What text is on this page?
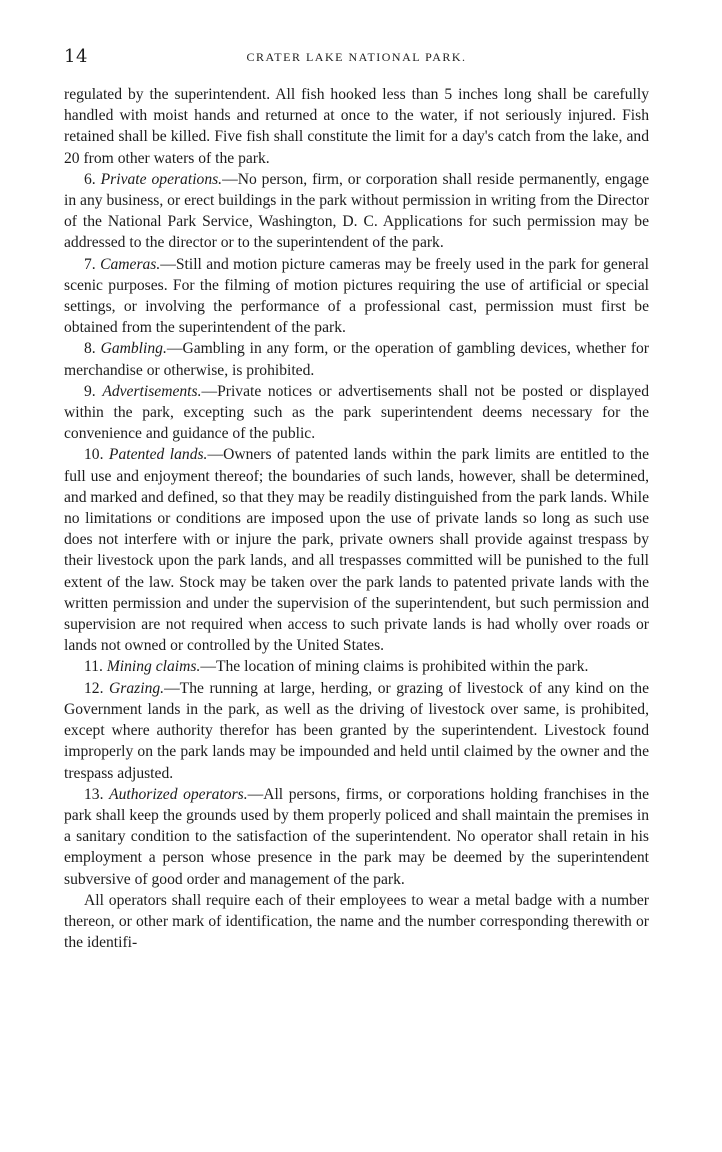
14	CRATER LAKE NATIONAL PARK.

regulated by the superintendent. All fish hooked less than 5 inches long shall be carefully handled with moist hands and returned at once to the water, if not seriously injured. Fish retained shall be killed. Five fish shall constitute the limit for a day's catch from the lake, and 20 from other waters of the park.

6. Private operations.—No person, firm, or corporation shall reside permanently, engage in any business, or erect buildings in the park without permission in writing from the Director of the National Park Service, Washington, D. C. Applications for such permission may be addressed to the director or to the superintendent of the park.

7. Cameras.—Still and motion picture cameras may be freely used in the park for general scenic purposes. For the filming of motion pictures requiring the use of artificial or special settings, or involving the performance of a professional cast, permission must first be obtained from the superintendent of the park.

8. Gambling.—Gambling in any form, or the operation of gambling devices, whether for merchandise or otherwise, is prohibited.

9. Advertisements.—Private notices or advertisements shall not be posted or displayed within the park, excepting such as the park superintendent deems necessary for the convenience and guidance of the public.

10. Patented lands.—Owners of patented lands within the park limits are entitled to the full use and enjoyment thereof; the boundaries of such lands, however, shall be determined, and marked and defined, so that they may be readily distinguished from the park lands. While no limitations or conditions are imposed upon the use of private lands so long as such use does not interfere with or injure the park, private owners shall provide against trespass by their livestock upon the park lands, and all trespasses committed will be punished to the full extent of the law. Stock may be taken over the park lands to patented private lands with the written permission and under the supervision of the superintendent, but such permission and supervision are not required when access to such private lands is had wholly over roads or lands not owned or controlled by the United States.

11. Mining claims.—The location of mining claims is prohibited within the park.

12. Grazing.—The running at large, herding, or grazing of livestock of any kind on the Government lands in the park, as well as the driving of livestock over same, is prohibited, except where authority therefor has been granted by the superintendent. Livestock found improperly on the park lands may be impounded and held until claimed by the owner and the trespass adjusted.

13. Authorized operators.—All persons, firms, or corporations holding franchises in the park shall keep the grounds used by them properly policed and shall maintain the premises in a sanitary condition to the satisfaction of the superintendent. No operator shall retain in his employment a person whose presence in the park may be deemed by the superintendent subversive of good order and management of the park.

All operators shall require each of their employees to wear a metal badge with a number thereon, or other mark of identification, the name and the number corresponding therewith or the identifi-
